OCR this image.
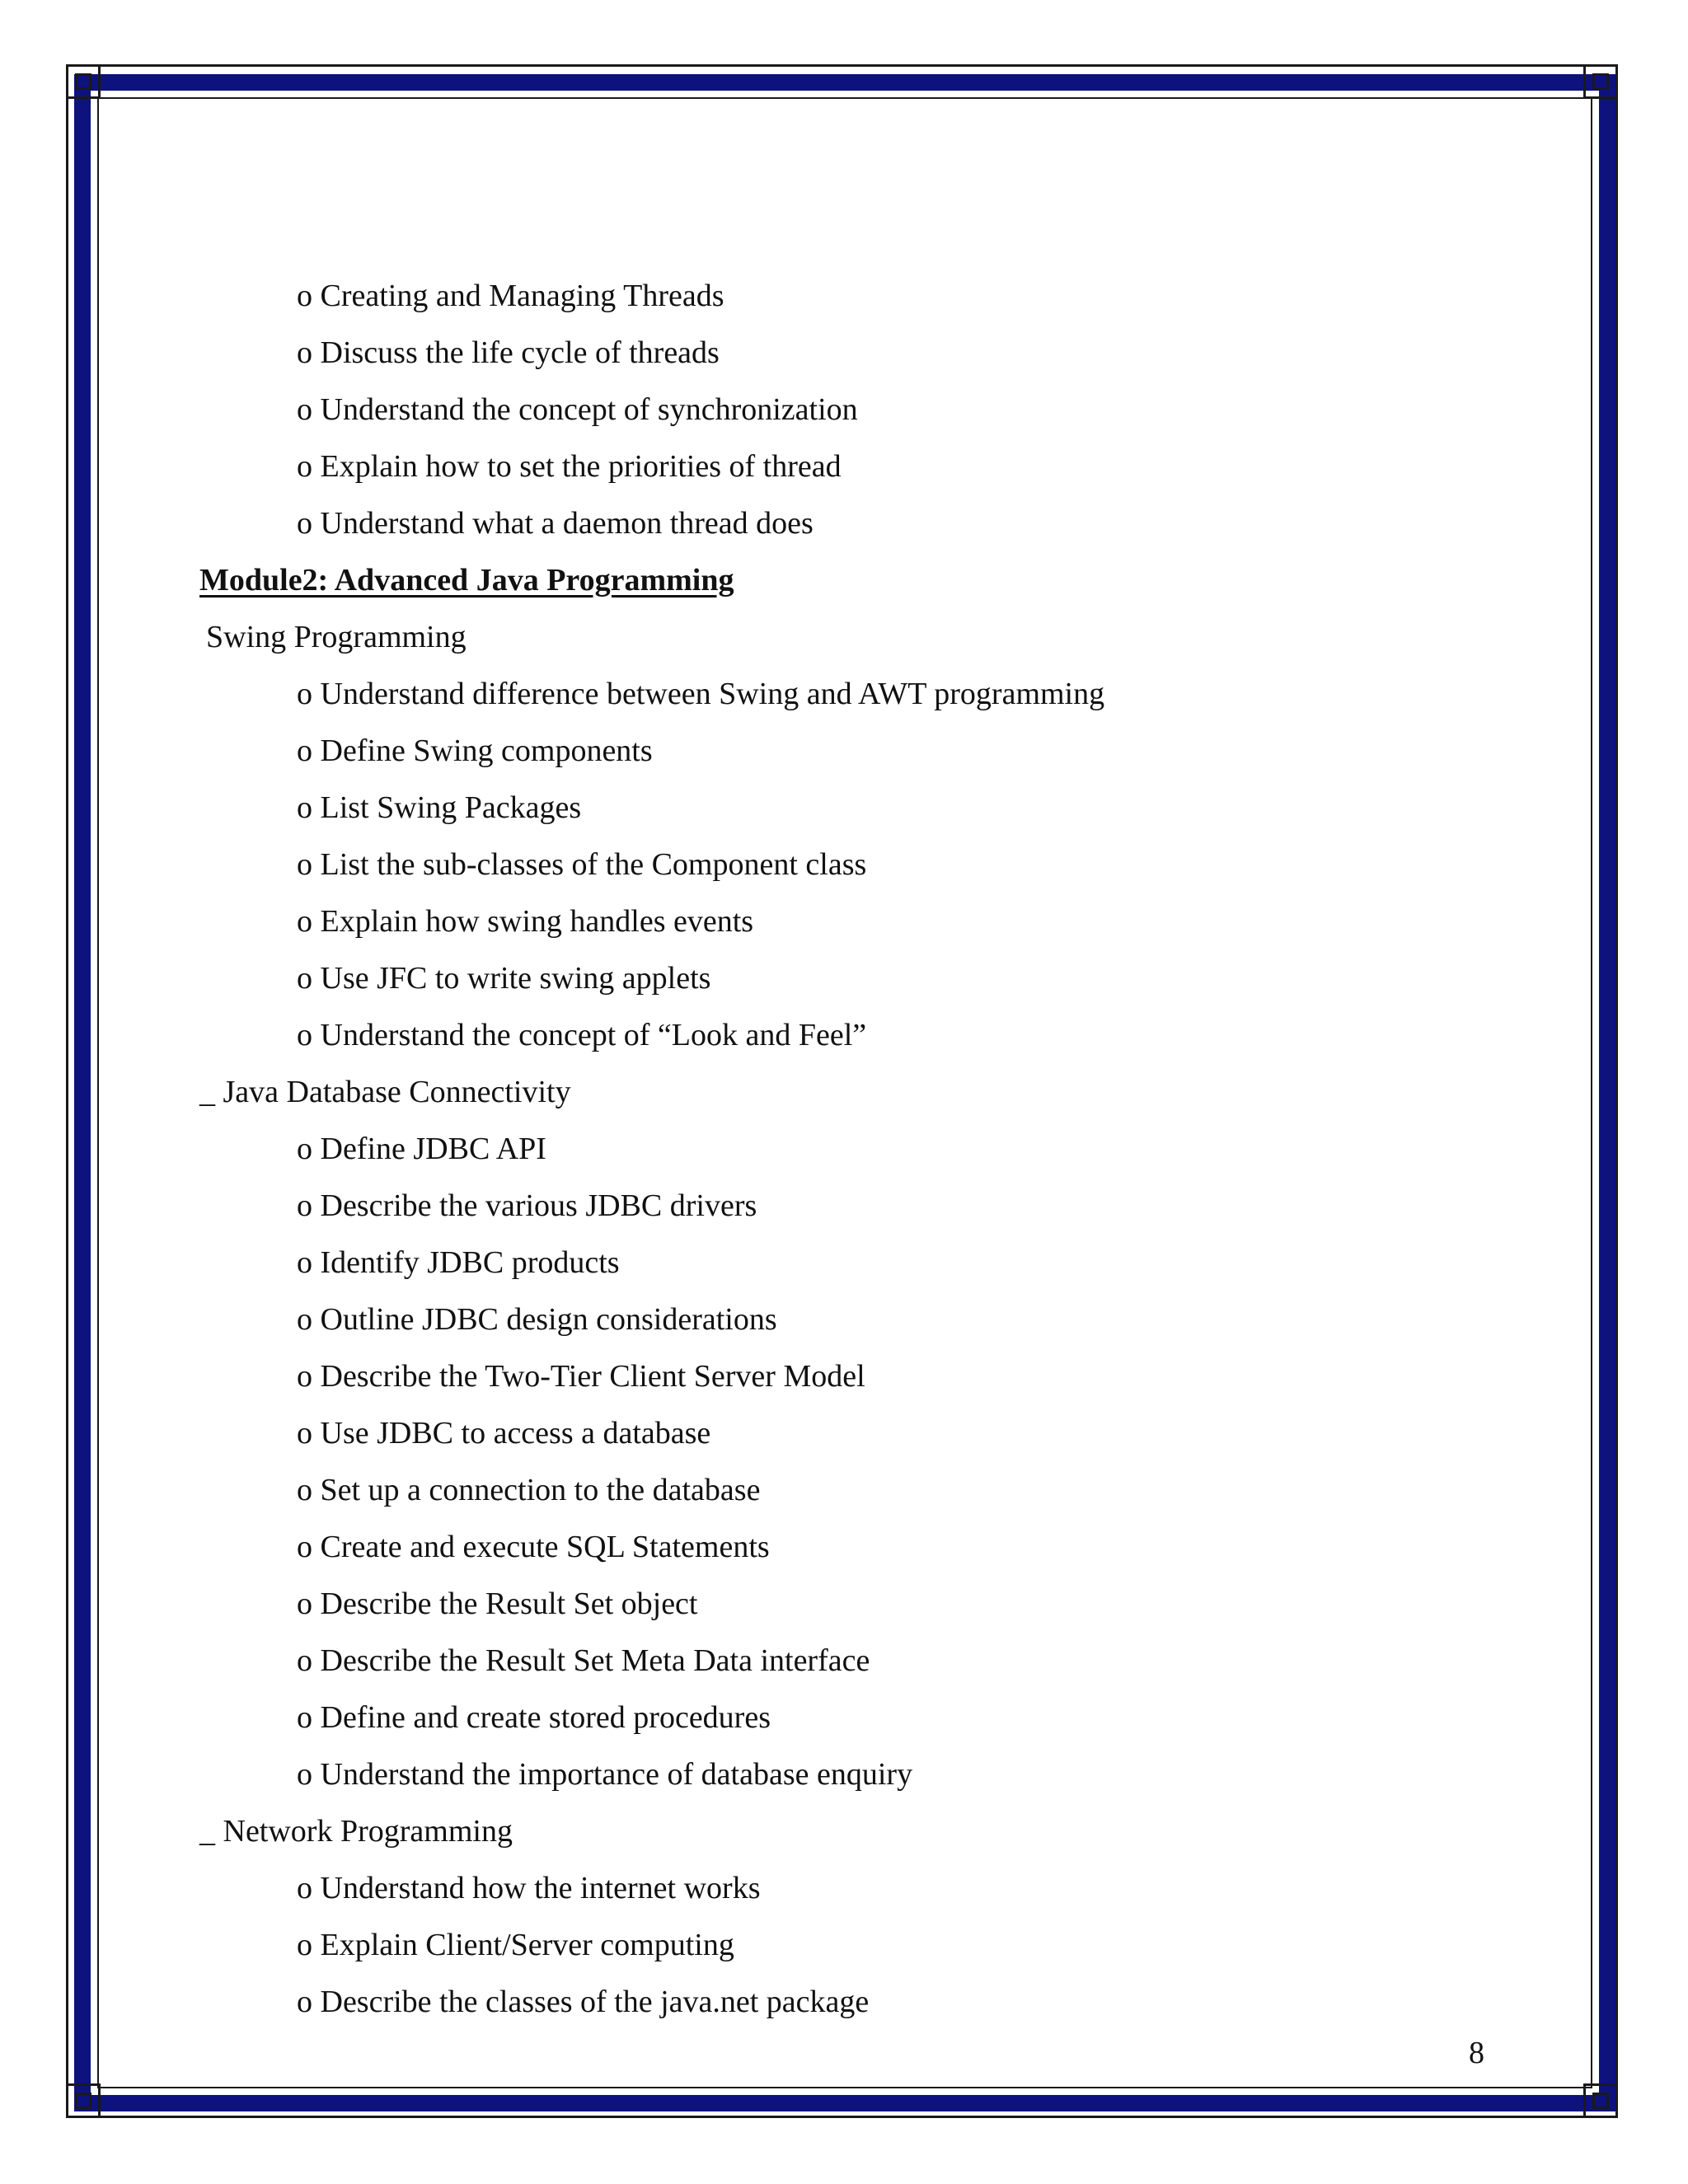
o Creating and Managing Threads
o Discuss the life cycle of threads
o Understand the concept of synchronization
o Explain how to set the priorities of thread
o Understand what a daemon thread does
Module2: Advanced Java Programming
Swing Programming
o Understand difference between Swing and AWT programming
o Define Swing components
o List Swing Packages
o List the sub-classes of the Component class
o Explain how swing handles events
o Use JFC to write swing applets
o Understand the concept of “Look and Feel”
_ Java Database Connectivity
o Define JDBC API
o Describe the various JDBC drivers
o Identify JDBC products
o Outline JDBC design considerations
o Describe the Two-Tier Client Server Model
o Use JDBC to access a database
o Set up a connection to the database
o Create and execute SQL Statements
o Describe the Result Set object
o Describe the Result Set Meta Data interface
o Define and create stored procedures
o Understand the importance of database enquiry
_ Network Programming
o Understand how the internet works
o Explain Client/Server computing
o Describe the classes of the java.net package
8
